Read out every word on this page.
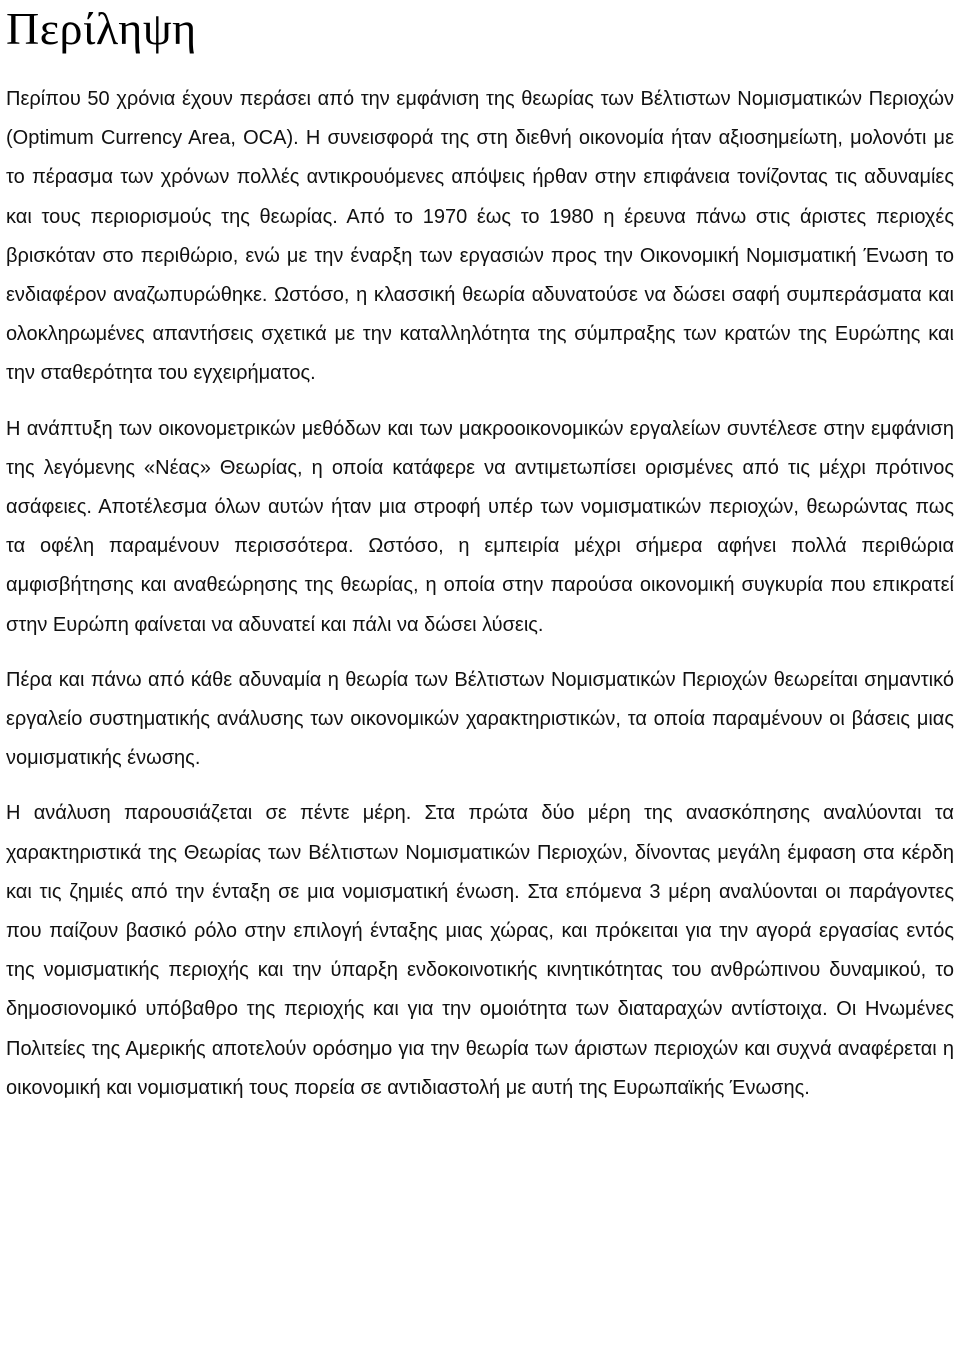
Περίληψη

Περίπου 50 χρόνια έχουν περάσει από την εμφάνιση της θεωρίας των Βέλτιστων Νομισματικών Περιοχών (Optimum Currency Area, OCA). Η συνεισφορά της στη διεθνή οικονομία ήταν αξιοσημείωτη, μολονότι με το πέρασμα των χρόνων πολλές αντικρουόμενες απόψεις ήρθαν στην επιφάνεια τονίζοντας τις αδυναμίες και τους περιορισμούς της θεωρίας. Από το 1970 έως το 1980 η έρευνα πάνω στις άριστες περιοχές βρισκόταν στο περιθώριο, ενώ με την έναρξη των εργασιών προς την Οικονομική Νομισματική Ένωση το ενδιαφέρον αναζωπυρώθηκε. Ωστόσο, η κλασσική θεωρία αδυνατούσε να δώσει σαφή συμπεράσματα και ολοκληρωμένες απαντήσεις σχετικά με την καταλληλότητα της σύμπραξης των κρατών της Ευρώπης και την σταθερότητα του εγχειρήματος.

Η ανάπτυξη των οικονομετρικών μεθόδων και των μακροοικονομικών εργαλείων συντέλεσε στην εμφάνιση της λεγόμενης «Νέας» Θεωρίας, η οποία κατάφερε να αντιμετωπίσει ορισμένες από τις μέχρι πρότινος ασάφειες. Αποτέλεσμα όλων αυτών ήταν μια στροφή υπέρ των νομισματικών περιοχών, θεωρώντας πως τα οφέλη παραμένουν περισσότερα. Ωστόσο, η εμπειρία μέχρι σήμερα αφήνει πολλά περιθώρια αμφισβήτησης και αναθεώρησης της θεωρίας, η οποία στην παρούσα οικονομική συγκυρία που επικρατεί στην Ευρώπη φαίνεται να αδυνατεί και πάλι να δώσει λύσεις.

Πέρα και πάνω από κάθε αδυναμία η θεωρία των Βέλτιστων Νομισματικών Περιοχών θεωρείται σημαντικό εργαλείο συστηματικής ανάλυσης των οικονομικών χαρακτηριστικών, τα οποία παραμένουν οι βάσεις μιας νομισματικής ένωσης.

Η ανάλυση παρουσιάζεται σε πέντε μέρη. Στα πρώτα δύο μέρη της ανασκόπησης αναλύονται τα χαρακτηριστικά της Θεωρίας των Βέλτιστων Νομισματικών Περιοχών, δίνοντας μεγάλη έμφαση στα κέρδη και τις ζημιές από την ένταξη σε μια νομισματική ένωση. Στα επόμενα 3 μέρη αναλύονται οι παράγοντες που παίζουν βασικό ρόλο στην επιλογή ένταξης μιας χώρας, και πρόκειται για την αγορά εργασίας εντός της νομισματικής περιοχής και την ύπαρξη ενδοκοινοτικής κινητικότητας του ανθρώπινου δυναμικού, το δημοσιονομικό υπόβαθρο της περιοχής και για την ομοιότητα των διαταραχών αντίστοιχα. Οι Ηνωμένες Πολιτείες της Αμερικής αποτελούν ορόσημο για την θεωρία των άριστων περιοχών και συχνά αναφέρεται η οικονομική και νομισματική τους πορεία σε αντιδιαστολή με αυτή της Ευρωπαϊκής Ένωσης.
